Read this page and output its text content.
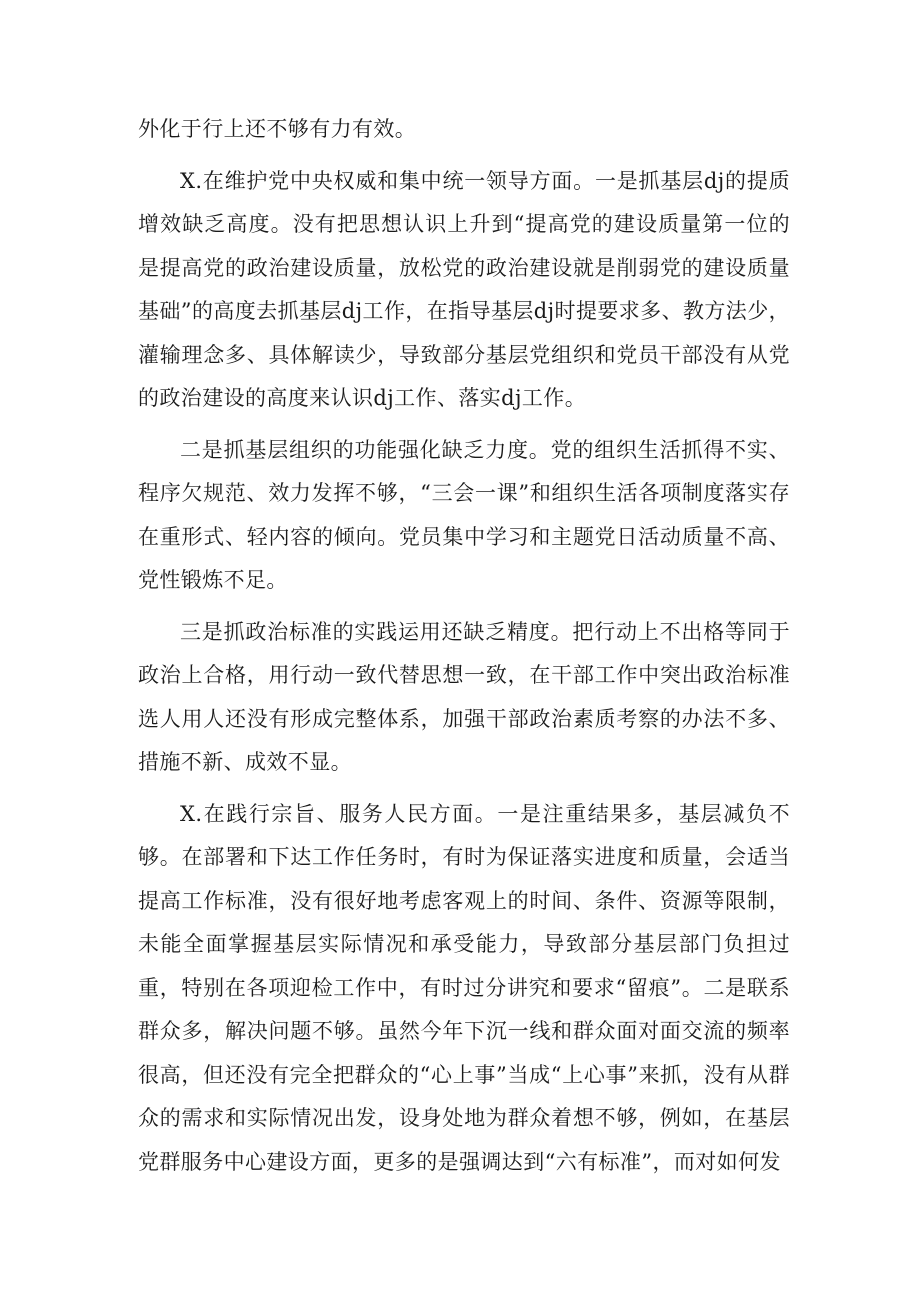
外化于行上还不够有力有效。

X.在维护党中央权威和集中统一领导方面。一是抓基层dj的提质增效缺乏高度。没有把思想认识上升到“提高党的建设质量第一位的是提高党的政治建设质量，放松党的政治建设就是削弱党的建设质量基础”的高度去抓基层dj工作，在指导基层dj时提要求多、教方法少，灌输理念多、具体解读少，导致部分基层党组织和党员干部没有从党的政治建设的高度来认识dj工作、落实dj工作。

二是抓基层组织的功能强化缺乏力度。党的组织生活抓得不实、程序欠规范、效力发挥不够，“三会一课”和组织生活各项制度落实存在重形式、轻内容的倾向。党员集中学习和主题党日活动质量不高、党性锻炼不足。

三是抓政治标准的实践运用还缺乏精度。把行动上不出格等同于政治上合格，用行动一致代替思想一致，在干部工作中突出政治标准选人用人还没有形成完整体系，加强干部政治素质考察的办法不多、措施不新、成效不显。

X.在践行宗旨、服务人民方面。一是注重结果多，基层减负不够。在部署和下达工作任务时，有时为保证落实进度和质量，会适当提高工作标准，没有很好地考虑客观上的时间、条件、资源等限制，未能全面掌握基层实际情况和承受能力，导致部分基层部门负担过重，特别在各项迎检工作中，有时过分讲究和要求“留痕”。二是联系群众多，解决问题不够。虽然今年下沉一线和群众面对面交流的频率很高，但还没有完全把群众的“心上事”当成“上心事”来抓，没有从群众的需求和实际情况出发，设身处地为群众着想不够，例如，在基层党群服务中心建设方面，更多的是强调达到“六有标准”，而对如何发
